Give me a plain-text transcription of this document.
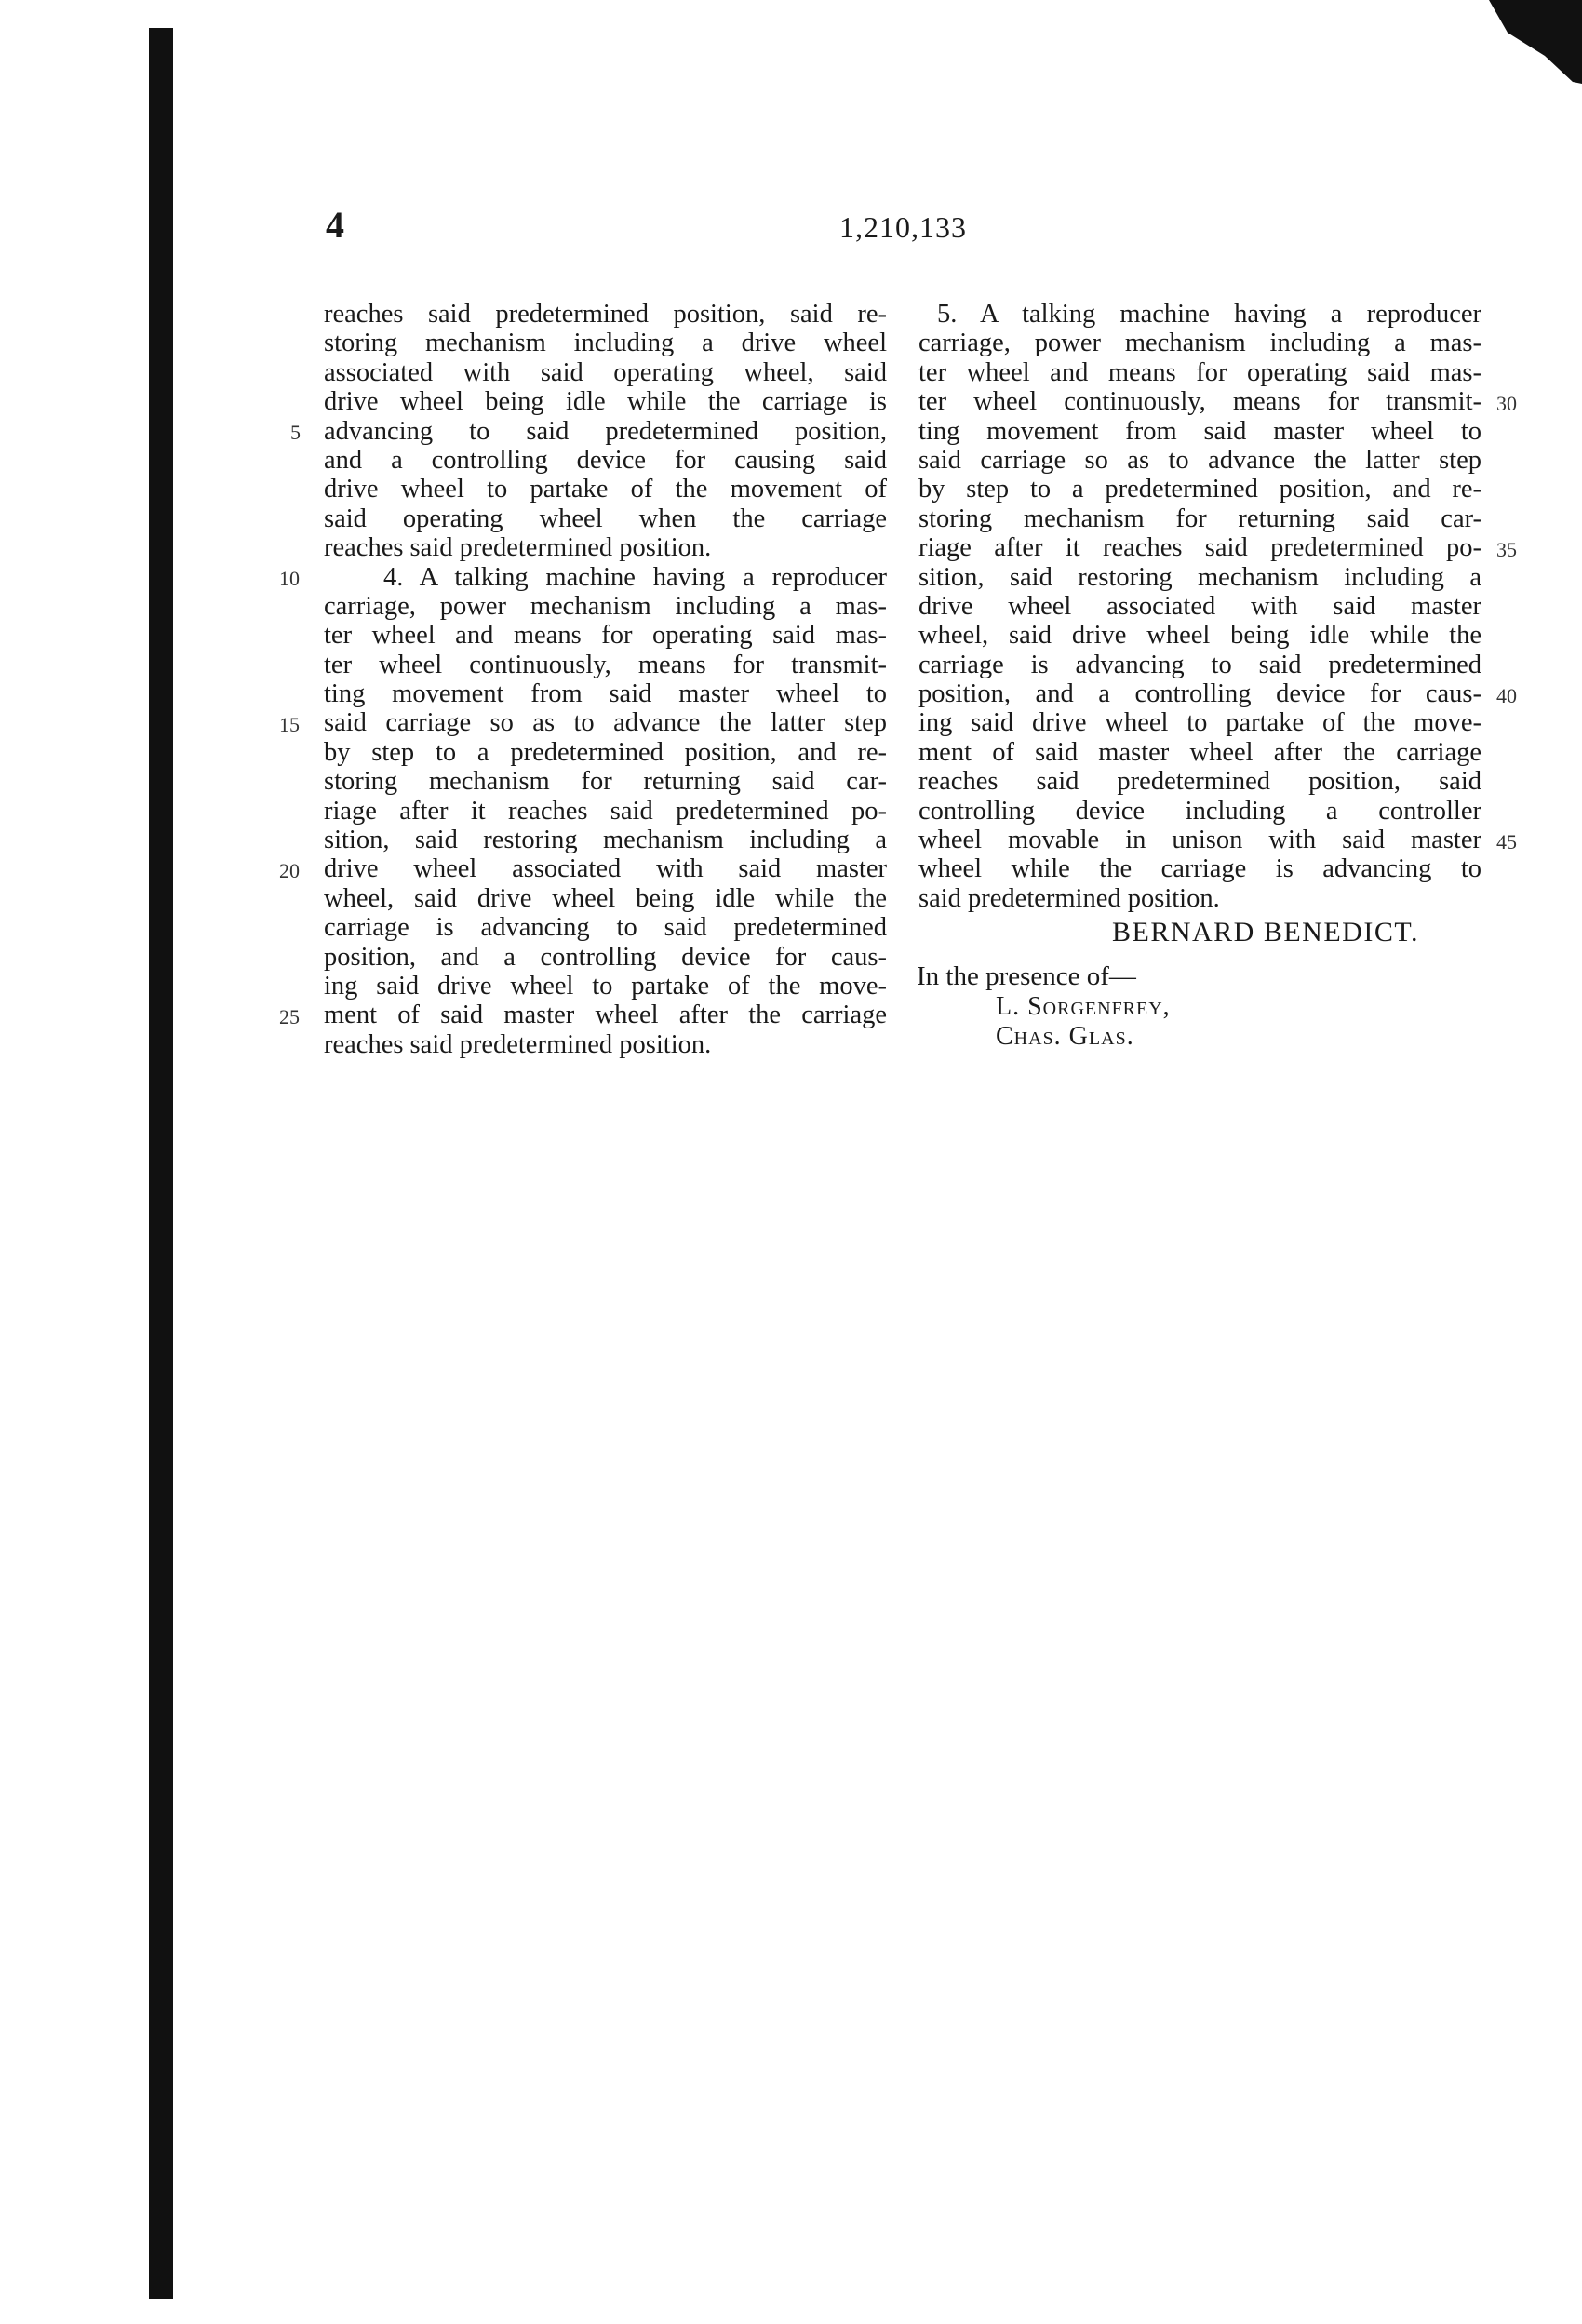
4	1,210,133
reaches said predetermined position, said re-
storing mechanism including a drive wheel
associated with said operating wheel, said
drive wheel being idle while the carriage is
advancing to said predetermined position,
and a controlling device for causing said
drive wheel to partake of the movement of
said operating wheel when the carriage
reaches said predetermined position.
4. A talking machine having a reproducer
carriage, power mechanism including a mas-
ter wheel and means for operating said mas-
ter wheel continuously, means for transmit-
ting movement from said master wheel to
said carriage so as to advance the latter step
by step to a predetermined position, and re-
storing mechanism for returning said car-
riage after it reaches said predetermined po-
sition, said restoring mechanism including a
drive wheel associated with said master
wheel, said drive wheel being idle while the
carriage is advancing to said predetermined
position, and a controlling device for caus-
ing said drive wheel to partake of the move-
ment of said master wheel after the carriage
reaches said predetermined position.
5
10
15
20
25
5. A talking machine having a reproducer
carriage, power mechanism including a mas-
ter wheel and means for operating said mas-
ter wheel continuously, means for transmit-
ting movement from said master wheel to
said carriage so as to advance the latter step
by step to a predetermined position, and re-
storing mechanism for returning said car-
riage after it reaches said predetermined po-
sition, said restoring mechanism including a
drive wheel associated with said master
wheel, said drive wheel being idle while the
carriage is advancing to said predetermined
position, and a controlling device for caus-
ing said drive wheel to partake of the move-
ment of said master wheel after the carriage
reaches said predetermined position, said
controlling device including a controller
wheel movable in unison with said master
wheel while the carriage is advancing to
said predetermined position.
30
35
40
45
BERNARD BENEDICT.
In the presence of—
L. Sorgenfrey,
Chas. Glas.
